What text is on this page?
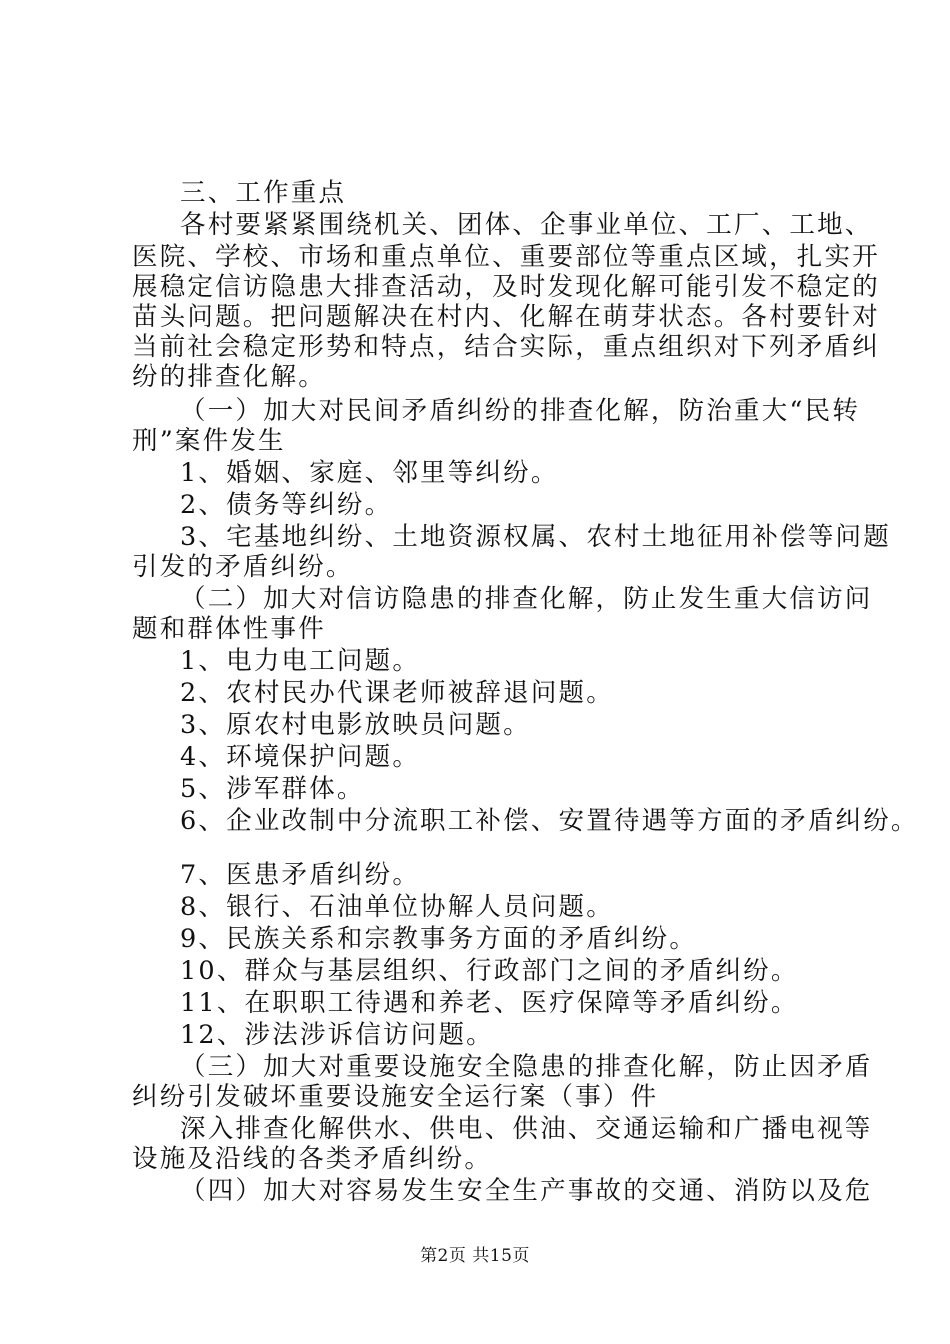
三、工作重点
各村要紧紧围绕机关、团体、企事业单位、工厂、工地、
医院、学校、市场和重点单位、重要部位等重点区域，扎实开
展稳定信访隐患大排查活动，及时发现化解可能引发不稳定的
苗头问题。把问题解决在村内、化解在萌芽状态。各村要针对
当前社会稳定形势和特点，结合实际，重点组织对下列矛盾纠
纷的排查化解。
（一）加大对民间矛盾纠纷的排查化解，防治重大“民转
刑”案件发生
1、婚姻、家庭、邻里等纠纷。
2、债务等纠纷。
3、宅基地纠纷、土地资源权属、农村土地征用补偿等问题
引发的矛盾纠纷。
（二）加大对信访隐患的排查化解，防止发生重大信访问
题和群体性事件
1、电力电工问题。
2、农村民办代课老师被辞退问题。
3、原农村电影放映员问题。
4、环境保护问题。
5、涉军群体。
6、企业改制中分流职工补偿、安置待遇等方面的矛盾纠纷。
7、医患矛盾纠纷。
8、银行、石油单位协解人员问题。
9、民族关系和宗教事务方面的矛盾纠纷。
10、群众与基层组织、行政部门之间的矛盾纠纷。
11、在职职工待遇和养老、医疗保障等矛盾纠纷。
12、涉法涉诉信访问题。
（三）加大对重要设施安全隐患的排查化解，防止因矛盾
纠纷引发破坏重要设施安全运行案（事）件
深入排查化解供水、供电、供油、交通运输和广播电视等
设施及沿线的各类矛盾纠纷。
（四）加大对容易发生安全生产事故的交通、消防以及危
第2页 共15页
